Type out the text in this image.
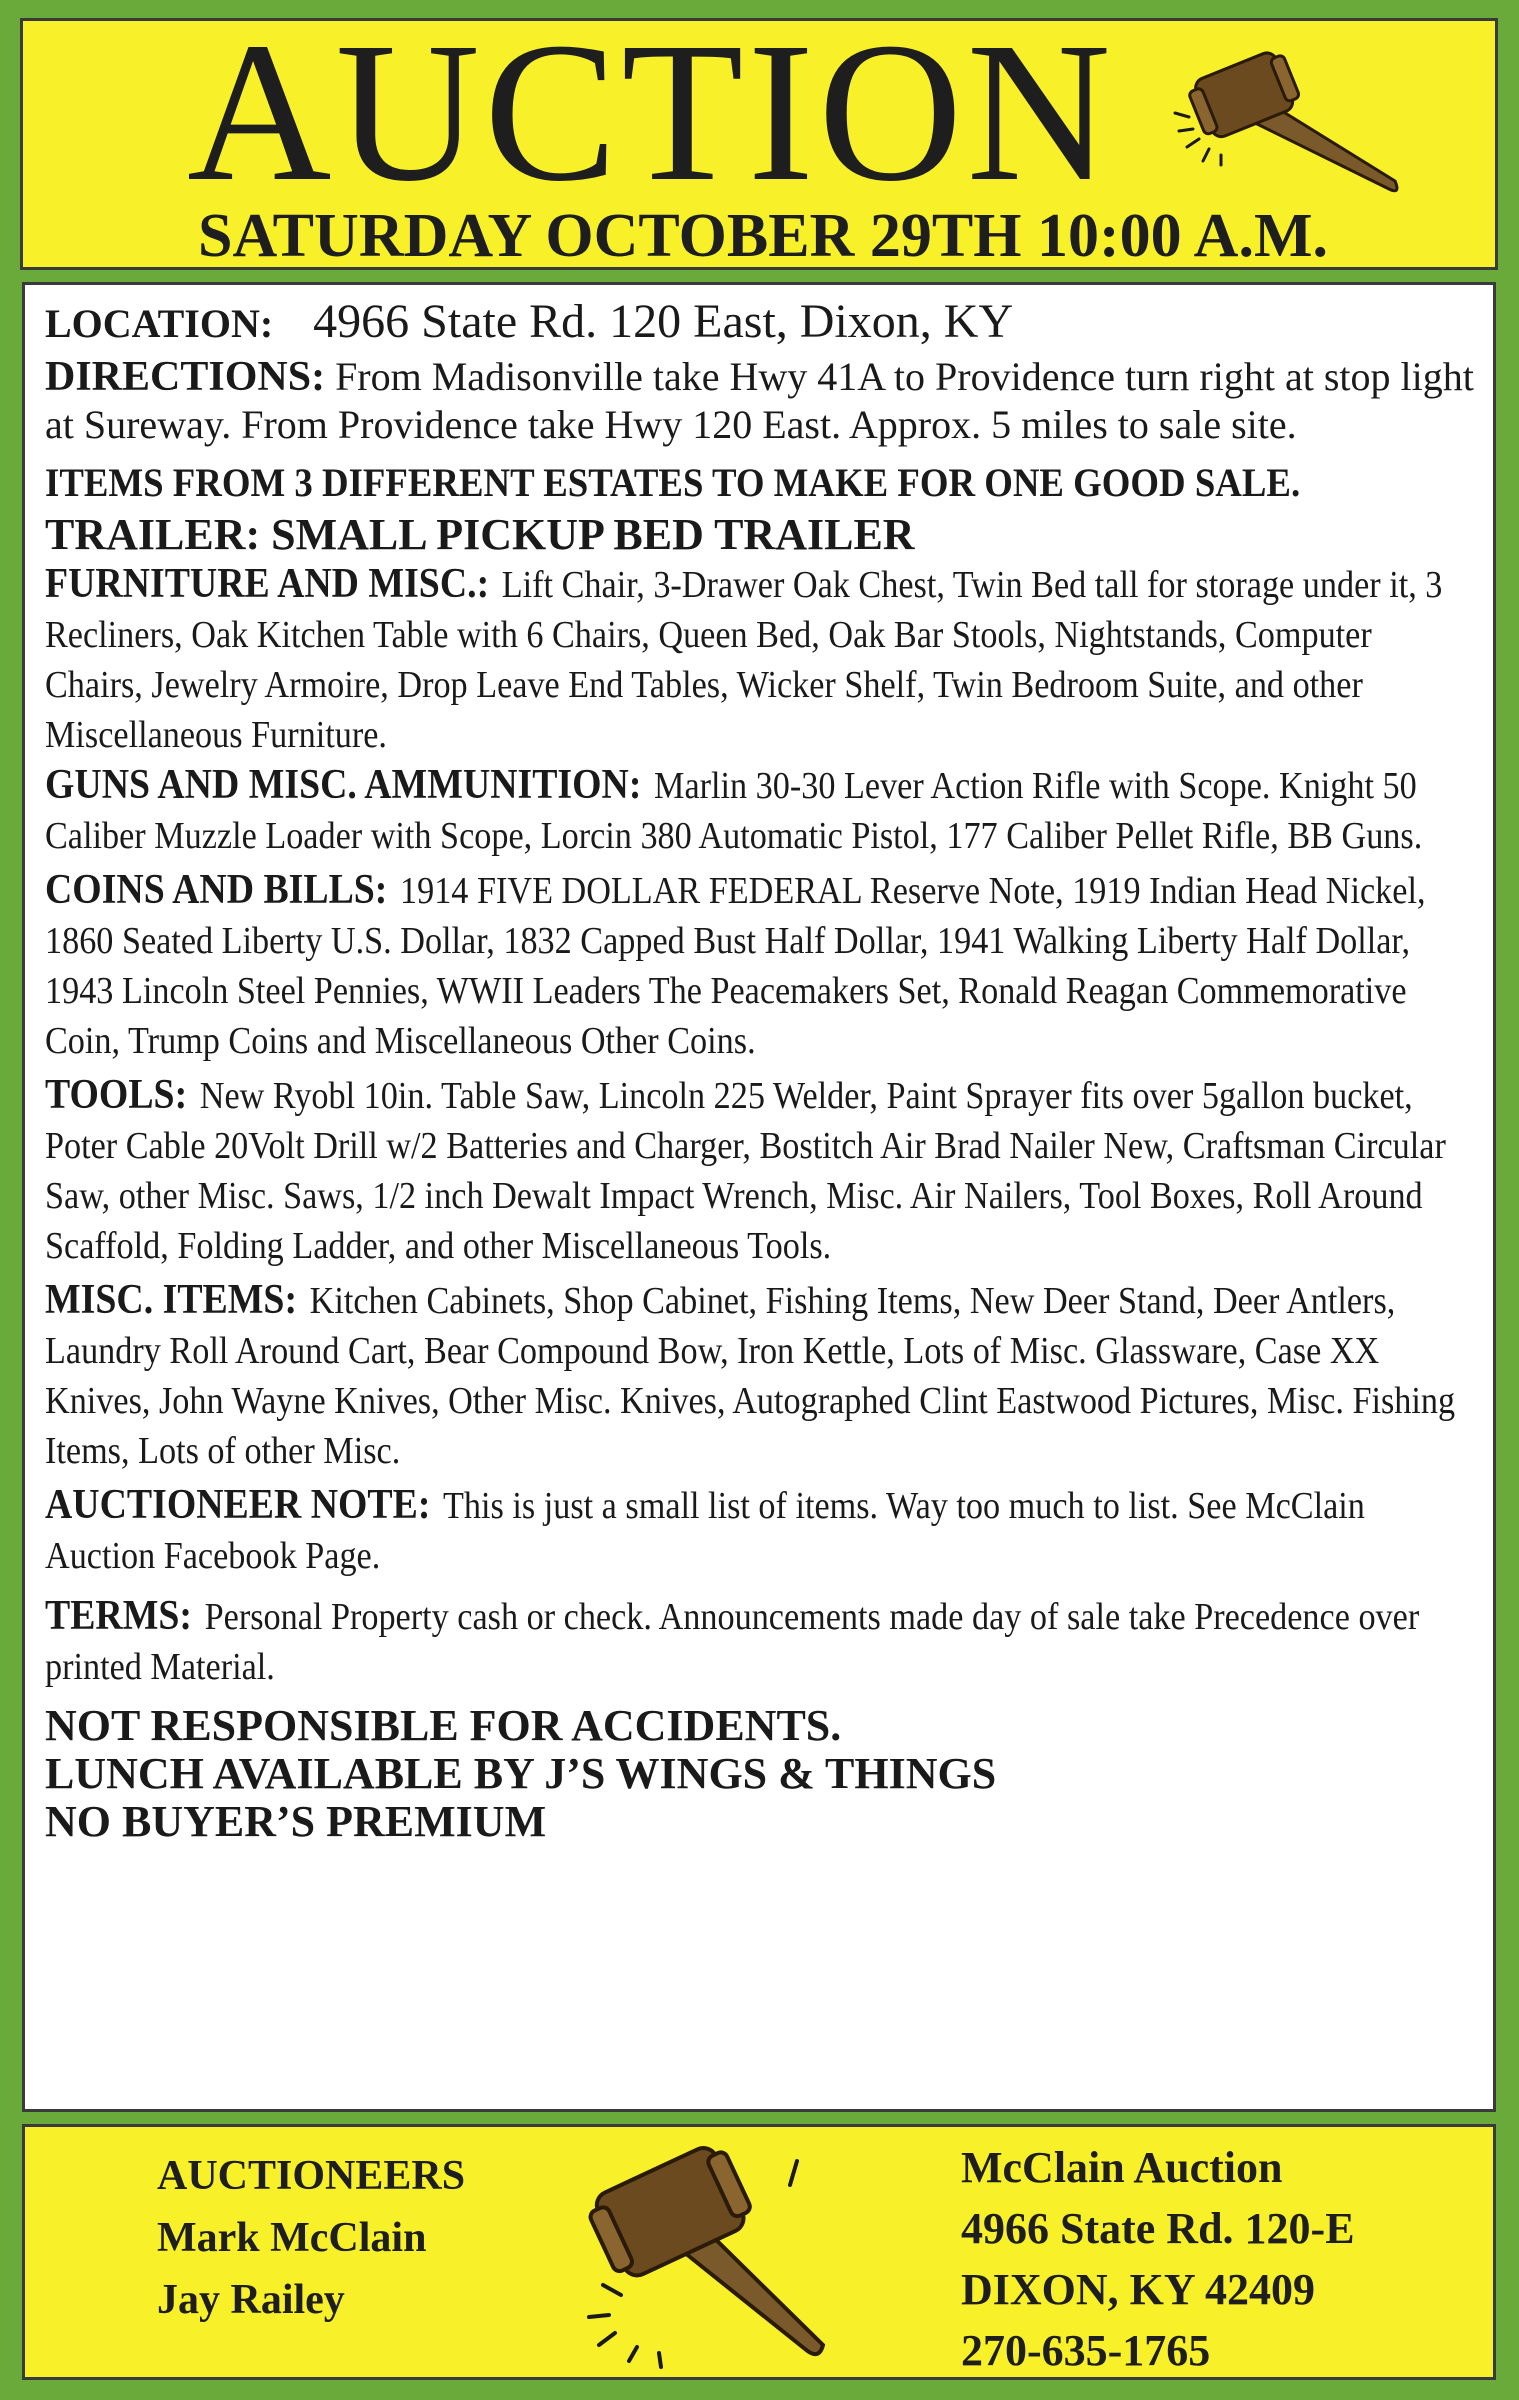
AUCTION
SATURDAY OCTOBER 29TH 10:00 A.M.
LOCATION: 4966 State Rd. 120 East, Dixon, KY
DIRECTIONS: From Madisonville take Hwy 41A to Providence turn right at stop light at Sureway. From Providence take Hwy 120 East. Approx. 5 miles to sale site.
ITEMS FROM 3 DIFFERENT ESTATES TO MAKE FOR ONE GOOD SALE.
TRAILER: SMALL PICKUP BED TRAILER
FURNITURE AND MISC.: Lift Chair, 3-Drawer Oak Chest, Twin Bed tall for storage under it, 3 Recliners, Oak Kitchen Table with 6 Chairs, Queen Bed, Oak Bar Stools, Nightstands, Computer Chairs, Jewelry Armoire, Drop Leave End Tables, Wicker Shelf, Twin Bedroom Suite, and other Miscellaneous Furniture.
GUNS AND MISC. AMMUNITION: Marlin 30-30 Lever Action Rifle with Scope. Knight 50 Caliber Muzzle Loader with Scope, Lorcin 380 Automatic Pistol, 177 Caliber Pellet Rifle, BB Guns.
COINS AND BILLS: 1914 FIVE DOLLAR FEDERAL Reserve Note, 1919 Indian Head Nickel, 1860 Seated Liberty U.S. Dollar, 1832 Capped Bust Half Dollar, 1941 Walking Liberty Half Dollar, 1943 Lincoln Steel Pennies, WWII Leaders The Peacemakers Set, Ronald Reagan Commemorative Coin, Trump Coins and Miscellaneous Other Coins.
TOOLS: New Ryobl 10in. Table Saw, Lincoln 225 Welder, Paint Sprayer fits over 5gallon bucket, Poter Cable 20Volt Drill w/2 Batteries and Charger, Bostitch Air Brad Nailer New, Craftsman Circular Saw, other Misc. Saws, 1/2 inch Dewalt Impact Wrench, Misc. Air Nailers, Tool Boxes, Roll Around Scaffold, Folding Ladder, and other Miscellaneous Tools.
MISC. ITEMS: Kitchen Cabinets, Shop Cabinet, Fishing Items, New Deer Stand, Deer Antlers, Laundry Roll Around Cart, Bear Compound Bow, Iron Kettle, Lots of Misc. Glassware, Case XX Knives, John Wayne Knives, Other Misc. Knives, Autographed Clint Eastwood Pictures, Misc. Fishing Items, Lots of other Misc.
AUCTIONEER NOTE: This is just a small list of items. Way too much to list. See McClain Auction Facebook Page.
TERMS: Personal Property cash or check. Announcements made day of sale take Precedence over printed Material.
NOT RESPONSIBLE FOR ACCIDENTS.
LUNCH AVAILABLE BY J’S WINGS & THINGS
NO BUYER’S PREMIUM
AUCTIONEERS
Mark McClain
Jay Railey
McClain Auction
4966 State Rd. 120-E
DIXON, KY 42409
270-635-1765
